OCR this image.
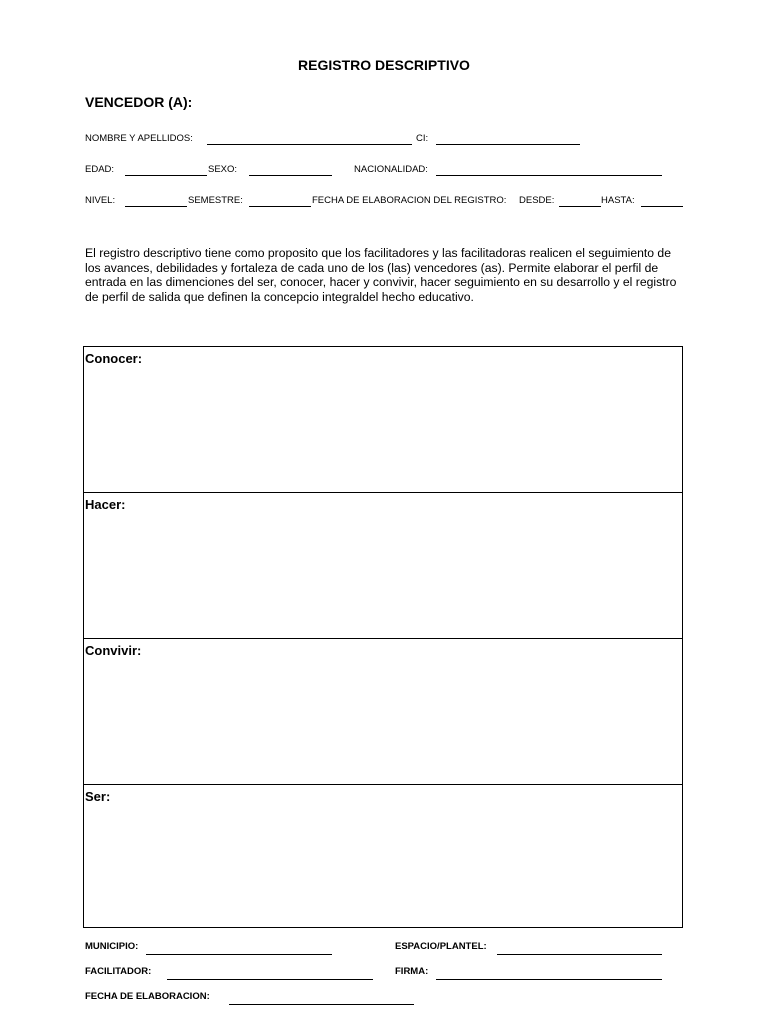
REGISTRO DESCRIPTIVO
VENCEDOR (A):
NOMBRE Y APELLIDOS:	CI:
EDAD:	SEXO:	NACIONALIDAD:
NIVEL:	SEMESTRE:	FECHA DE ELABORACION DEL REGISTRO: DESDE:	HASTA:
El registro descriptivo tiene como proposito que los facilitadores y las facilitadoras realicen el seguimiento de los avances, debilidades y fortaleza de cada uno de los (las) vencedores (as). Permite elaborar el perfil de entrada en las dimenciones del ser, conocer, hacer y convivir, hacer seguimiento en su desarrollo y el registro de perfil de salida que definen la concepcio integraldel hecho educativo.
Conocer:
Hacer:
Convivir:
Ser:
MUNICIPIO:	ESPACIO/PLANTEL:
FACILITADOR:	FIRMA:
FECHA DE ELABORACION:
